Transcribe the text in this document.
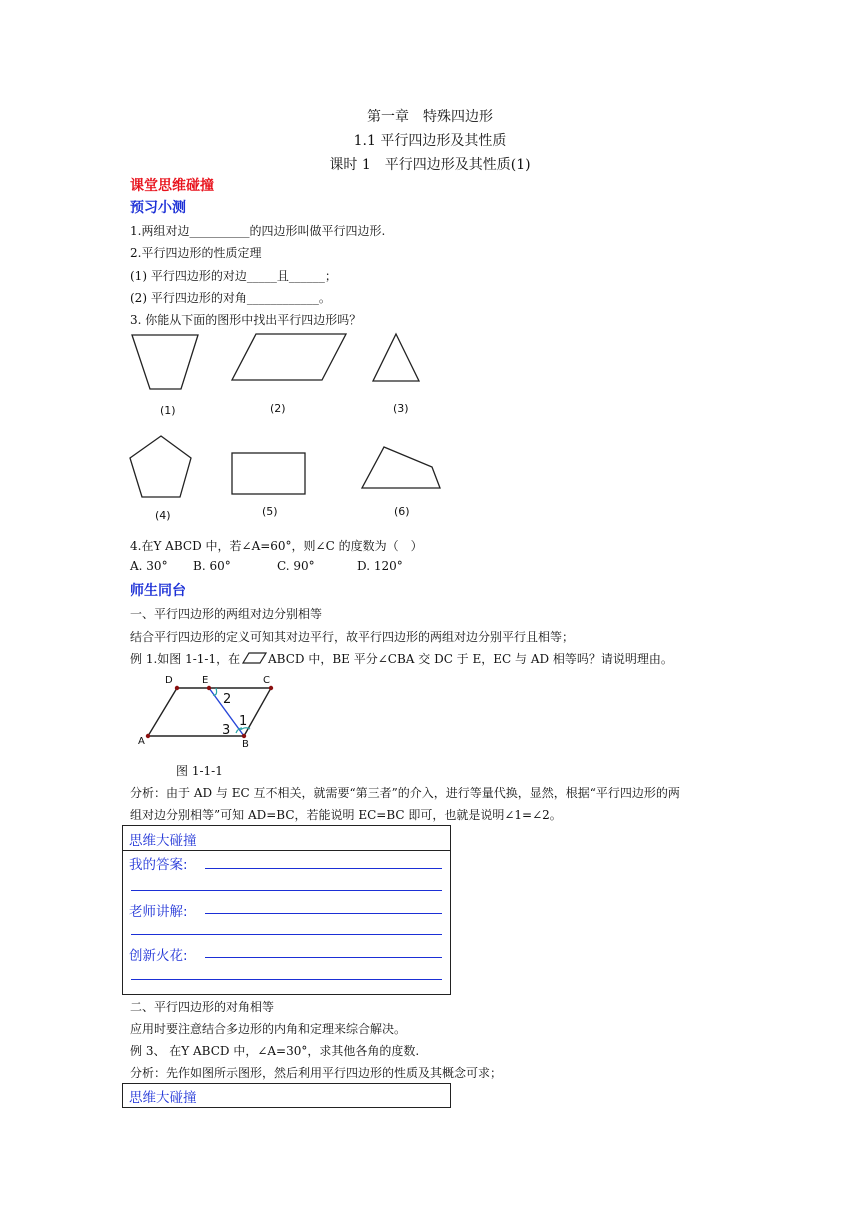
第一章　特殊四边形
1.1 平行四边形及其性质
课时 1　平行四边形及其性质(1)
课堂思维碰撞
预习小测
1.两组对边__________的四边形叫做平行四边形.
2.平行四边形的性质定理
(1) 平行四边形的对边_____且______；
(2) 平行四边形的对角____________。
3. 你能从下面的图形中找出平行四边形吗？
(1)	(2)	(3)
(4)	(5)	(6)
4.在Y ABCD 中，若∠A=60°，则∠C 的度数为（　）
A. 30° B. 60°	C. 90°	D. 120°
师生同台
一、平行四边形的两组对边分别相等
结合平行四边形的定义可知其对边平行，故平行四边形的两组对边分别平行且相等；
例 1.如图 1-1-1，在 ABCD 中，BE 平分∠CBA 交 DC 于 E，EC 与 AD 相等吗？请说明理由。
D	E	C
A	B
2
1
3
图 1-1-1
分析：由于 AD 与 EC 互不相关，就需要“第三者”的介入，进行等量代换，显然，根据“平行四边形的两
组对边分别相等”可知 AD=BC，若能说明 EC=BC 即可，也就是说明∠1=∠2。
思维大碰撞
我的答案:
老师讲解:
创新火花:
二、平行四边形的对角相等
应用时要注意结合多边形的内角和定理来综合解决。
例 3、 在Y ABCD 中，∠A=30°，求其他各角的度数.
分析：先作如图所示图形，然后利用平行四边形的性质及其概念可求；
思维大碰撞
